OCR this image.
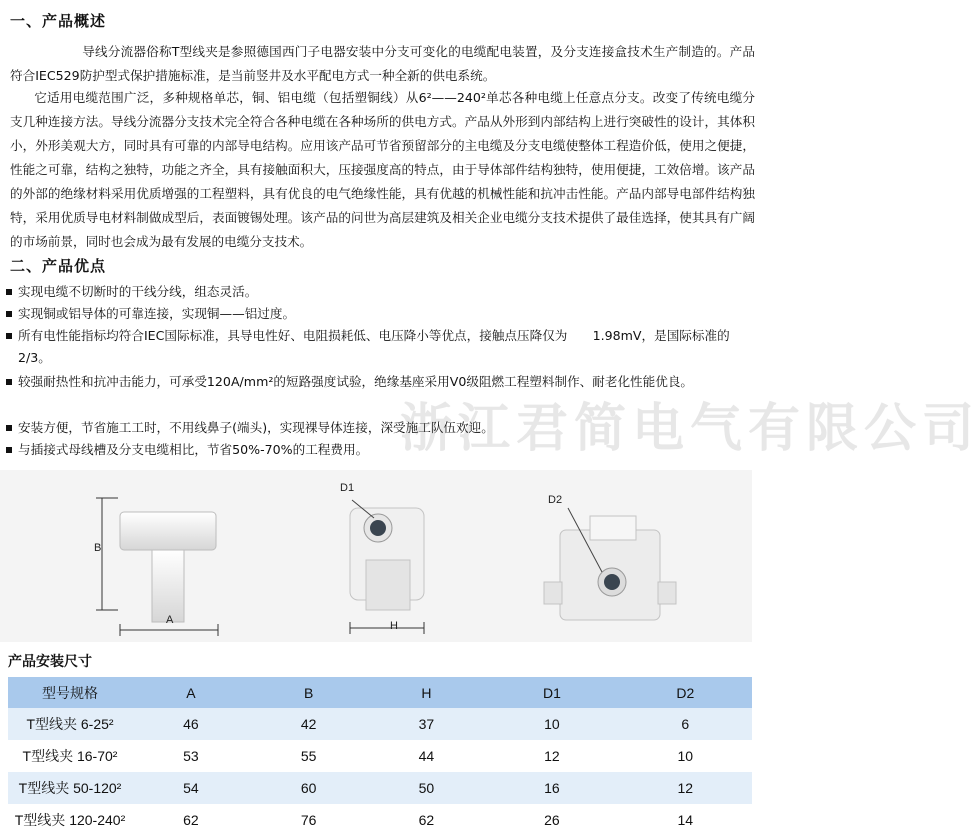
一、产品概述
导线分流器俗称T型线夹是参照德国西门子电器安装中分支可变化的电缆配电装置，及分支连接盒技术生产制造的。产品符合IEC529防护型式保护措施标准，是当前竖井及水平配电方式一种全新的供电系统。
它适用电缆范围广泛，多种规格单芯，铜、铝电缆（包括塑铜线）从6²——240²单芯各种电缆上任意点分支。改变了传统电缆分支几种连接方法。导线分流器分支技术完全符合各种电缆在各种场所的供电方式。产品从外形到内部结构上进行突破性的设计，其体积小，外形美观大方，同时具有可靠的内部导电结构。应用该产品可节省预留部分的主电缆及分支电缆使整体工程造价低，使用之便捷，性能之可靠，结构之独特，功能之齐全，具有接触面积大，压接强度高的特点，由于导体部件结构独特，使用便捷，工效倍增。该产品的外部的绝缘材料采用优质增强的工程塑料，具有优良的电气绝缘性能，具有优越的机械性能和抗冲击性能。产品内部导电部件结构独特，采用优质导电材料制做成型后，表面镀锡处理。该产品的问世为高层建筑及相关企业电缆分支技术提供了最佳选择，使其具有广阔的市场前景，同时也会成为最有发展的电缆分支技术。
二、产品优点
实现电缆不切断时的干线分线，组态灵活。
实现铜或铝导体的可靠连接，实现铜——铝过度。
所有电性能指标均符合IEC国际标准，具导电性好、电阻损耗低、电压降小等优点，接触点压降仅为　　1.98mV，是国际标准的2/3。
较强耐热性和抗冲击能力，可承受120A/mm²的短路强度试验，绝缘基座采用V0级阻燃工程塑料制作、耐老化性能优良。
安装方便，节省施工工时，不用线鼻子(端头)，实现裸导体连接，深受施工队伍欢迎。
与插接式母线槽及分支电缆相比，节省50%-70%的工程费用。 浙江君简电气有限公司
B
A
D1
H
D2
产品安装尺寸
型号规格	A	B	H	D1	D2
T型线夹 6-25²	46	42	37	10	6
T型线夹 16-70²	53	55	44	12	10
T型线夹 50-120²	54	60	50	16	12
T型线夹 120-240²	62	76	62	26	14
